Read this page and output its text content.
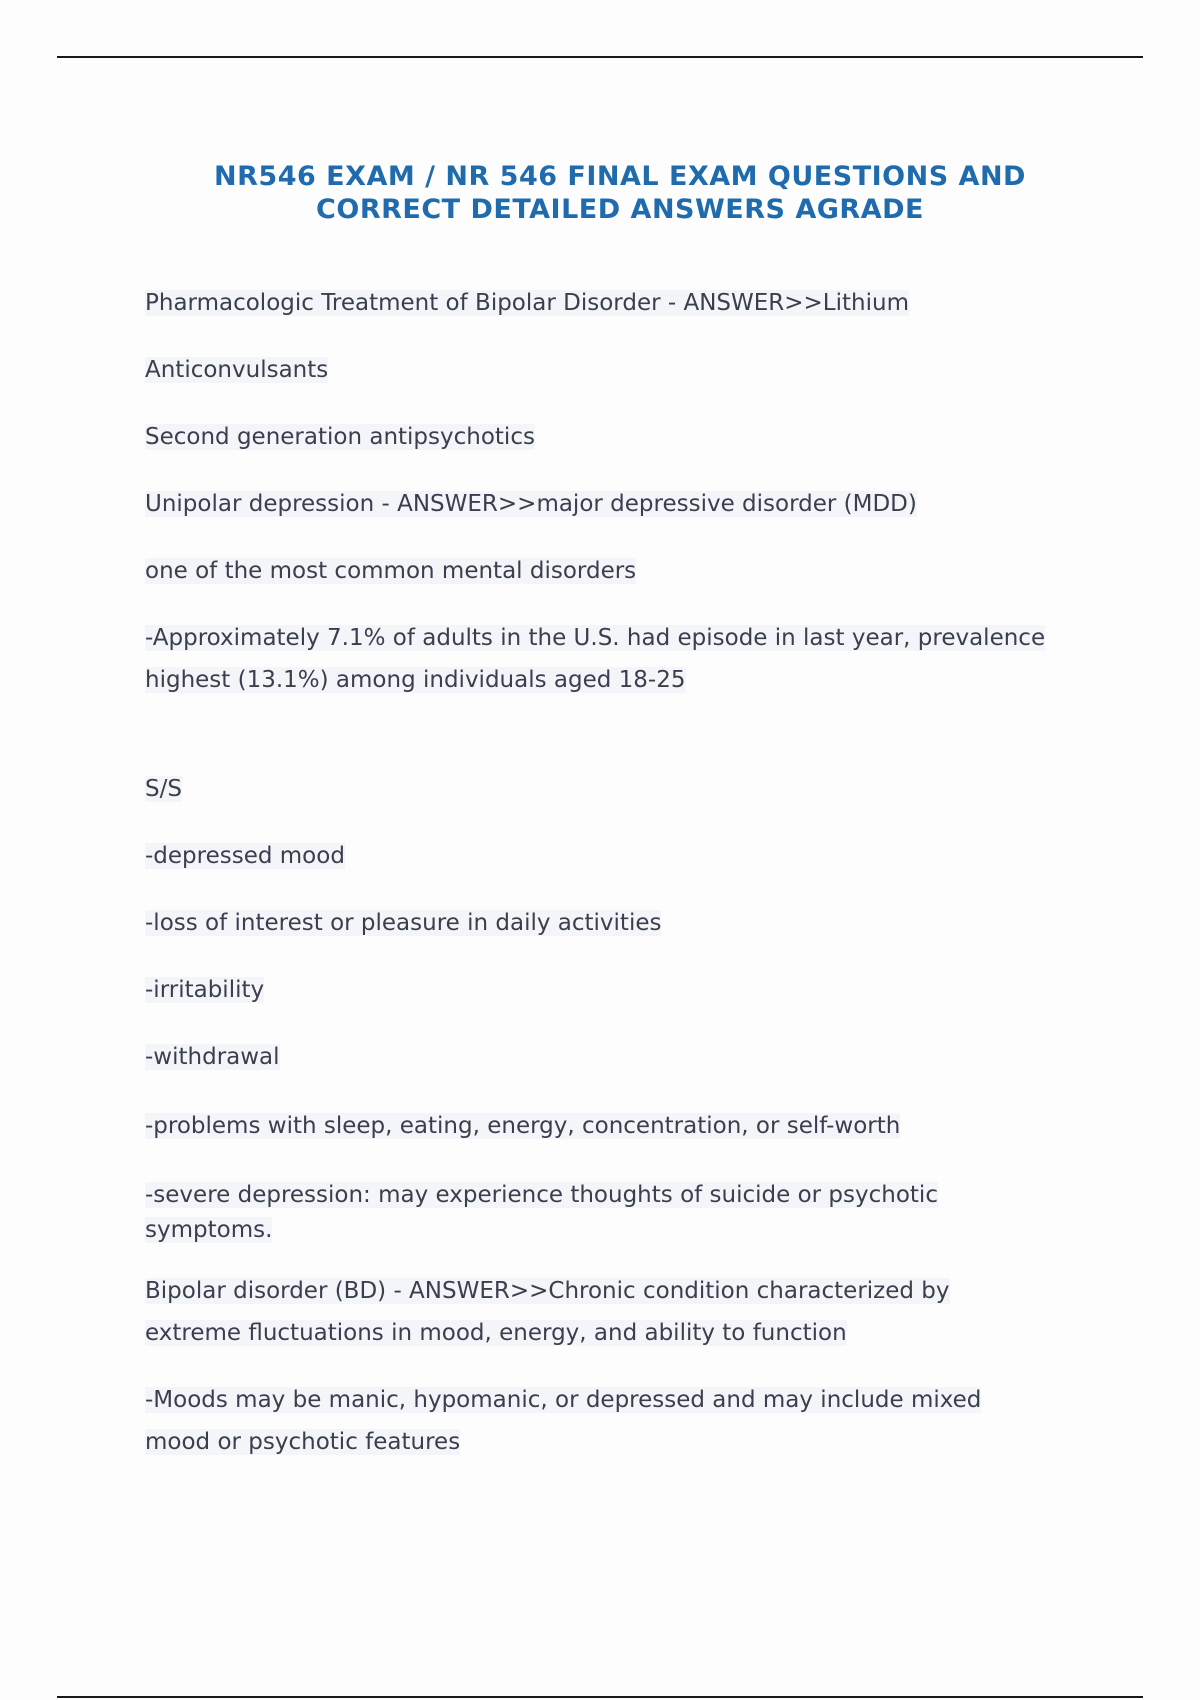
NR546 EXAM / NR 546 FINAL EXAM QUESTIONS AND
CORRECT DETAILED ANSWERS AGRADE

Pharmacologic Treatment of Bipolar Disorder - ANSWER>>Lithium

Anticonvulsants

Second generation antipsychotics

Unipolar depression - ANSWER>>major depressive disorder (MDD)

one of the most common mental disorders

-Approximately 7.1% of adults in the U.S. had episode in last year, prevalence

highest (13.1%) among individuals aged 18-25

S/S

-depressed mood

-loss of interest or pleasure in daily activities

-irritability

-withdrawal

-problems with sleep, eating, energy, concentration, or self-worth

-severe depression: may experience thoughts of suicide or psychotic

symptoms.

Bipolar disorder (BD) - ANSWER>>Chronic condition characterized by

extreme fluctuations in mood, energy, and ability to function

-Moods may be manic, hypomanic, or depressed and may include mixed

mood or psychotic features
